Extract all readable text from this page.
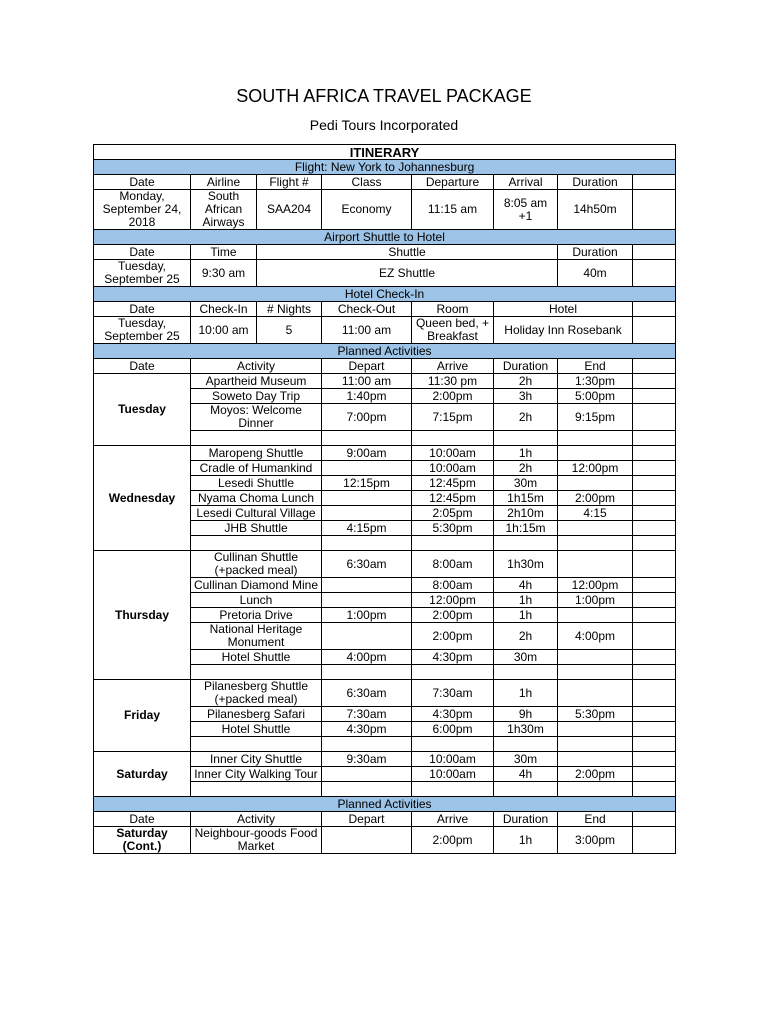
SOUTH AFRICA TRAVEL PACKAGE
Pedi Tours Incorporated
ITINERARY							
Flight: New York to Johannesburg							
Date	Airline	Flight #	Class	Departure	Arrival	Duration	
Monday, September 24, 2018	South African Airways	SAA204	Economy	11:15 am	8:05 am +1	14h50m	
Airport Shuttle to Hotel							
Date	Time	Shuttle				Duration	
Tuesday, September 25	9:30 am	EZ Shuttle				40m	
Hotel Check-In							
Date	Check-In	# Nights	Check-Out	Room	Hotel		
Tuesday, September 25	10:00 am	5	11:00 am	Queen bed, + Breakfast	Holiday Inn Rosebank		
Planned Activities							
Date	Activity		Depart	Arrive	Duration	End	
Tuesday	Apartheid Museum		11:00 am	11:30 pm	2h	1:30pm	
	Soweto Day Trip		1:40pm	2:00pm	3h	5:00pm	
	Moyos: Welcome Dinner		7:00pm	7:15pm	2h	9:15pm	

Wednesday	Maropeng Shuttle		9:00am	10:00am	1h		
	Cradle of Humankind			10:00am	2h	12:00pm	
	Lesedi Shuttle		12:15pm	12:45pm	30m		
	Nyama Choma Lunch			12:45pm	1h15m	2:00pm	
	Lesedi Cultural Village			2:05pm	2h10m	4:15	
	JHB Shuttle		4:15pm	5:30pm	1h:15m		

Thursday	Cullinan Shuttle (+packed meal)		6:30am	8:00am	1h30m		
	Cullinan Diamond Mine			8:00am	4h	12:00pm	
	Lunch			12:00pm	1h	1:00pm	
	Pretoria Drive		1:00pm	2:00pm	1h		
	National Heritage Monument			2:00pm	2h	4:00pm	
	Hotel Shuttle		4:00pm	4:30pm	30m		

Friday	Pilanesberg Shuttle (+packed meal)		6:30am	7:30am	1h		
	Pilanesberg Safari		7:30am	4:30pm	9h	5:30pm	
	Hotel Shuttle		4:30pm	6:00pm	1h30m		

Saturday	Inner City Shuttle		9:30am	10:00am	30m		
	Inner City Walking Tour			10:00am	4h	2:00pm	

Planned Activities							
Date	Activity		Depart	Arrive	Duration	End	
Saturday (Cont.)	Neighbour-goods Food Market			2:00pm	1h	3:00pm	
